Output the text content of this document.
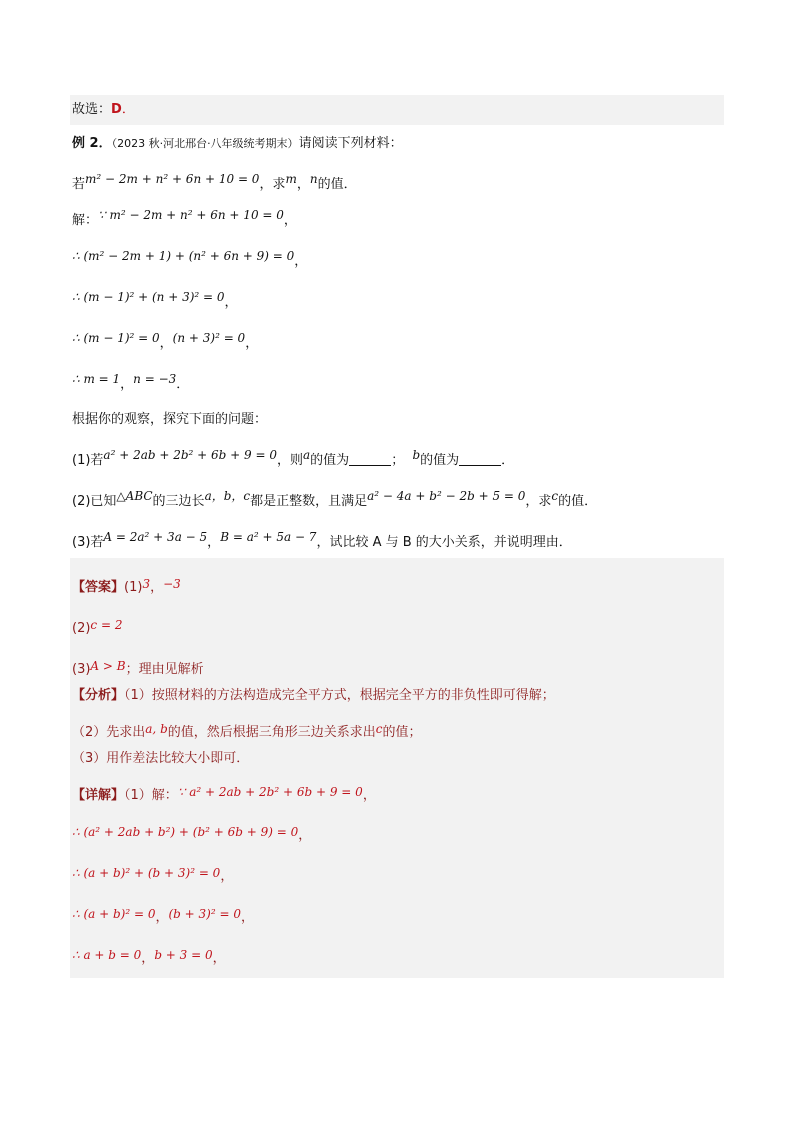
故选：D．
例 2．（2023 秋·河北邢台·八年级统考期末）请阅读下列材料：
若m² − 2m + n² + 6n + 10 = 0，求m，n的值．
解：∵ m² − 2m + n² + 6n + 10 = 0，
∴ (m² − 2m + 1) + (n² + 6n + 9) = 0，
∴ (m − 1)² + (n + 3)² = 0，
∴ (m − 1)² = 0，(n + 3)² = 0，
∴ m = 1，n = −3．
根据你的观察，探究下面的问题：
(1)若a² + 2ab + 2b² + 6b + 9 = 0，则a的值为	； b的值为	．
(2)已知△ABC的三边长a，b，c都是正整数，且满足a² − 4a + b² − 2b + 5 = 0，求c的值．
(3)若A = 2a² + 3a − 5，B = a² + 5a − 7，试比较 A 与 B 的大小关系，并说明理由．
【答案】(1)3，−3
(2)c = 2
(3)A > B；理由见解析
【分析】（1）按照材料的方法构造成完全平方式，根据完全平方的非负性即可得解；
（2）先求出a, b的值，然后根据三角形三边关系求出c的值；
（3）用作差法比较大小即可．
【详解】（1）解：∵ a² + 2ab + 2b² + 6b + 9 = 0，
∴ (a² + 2ab + b²) + (b² + 6b + 9) = 0，
∴ (a + b)² + (b + 3)² = 0，
∴ (a + b)² = 0，(b + 3)² = 0，
∴ a + b = 0，b + 3 = 0，
